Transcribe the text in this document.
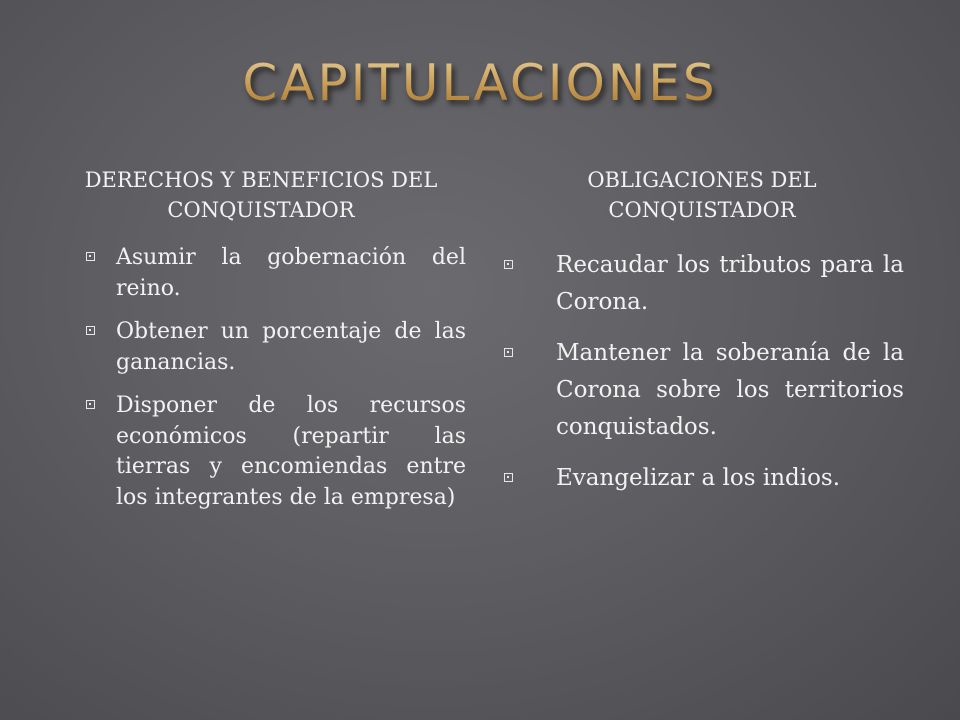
CAPITULACIONES
DERECHOS Y BENEFICIOS DEL CONQUISTADOR
Asumir la gobernación del reino.
Obtener un porcentaje de las ganancias.
Disponer de los recursos económicos (repartir las tierras y encomiendas entre los integrantes de la empresa)
OBLIGACIONES DEL CONQUISTADOR
Recaudar los tributos para la Corona.
Mantener la soberanía de la Corona sobre los territorios conquistados.
Evangelizar a los indios.
